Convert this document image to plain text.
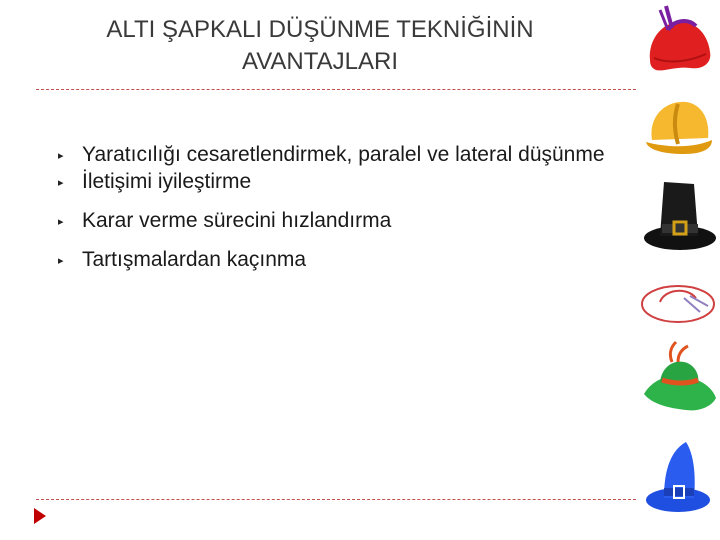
ALTI ŞAPKALI DÜŞÜNME TEKNİĞİNİN AVANTAJLARI
▸ Yaratıcılığı cesaretlendirmek, paralel ve lateral düşünme
▸ İletişimi iyileştirme
▸ Karar verme sürecini hızlandırma
▸ Tartışmalardan kaçınma
